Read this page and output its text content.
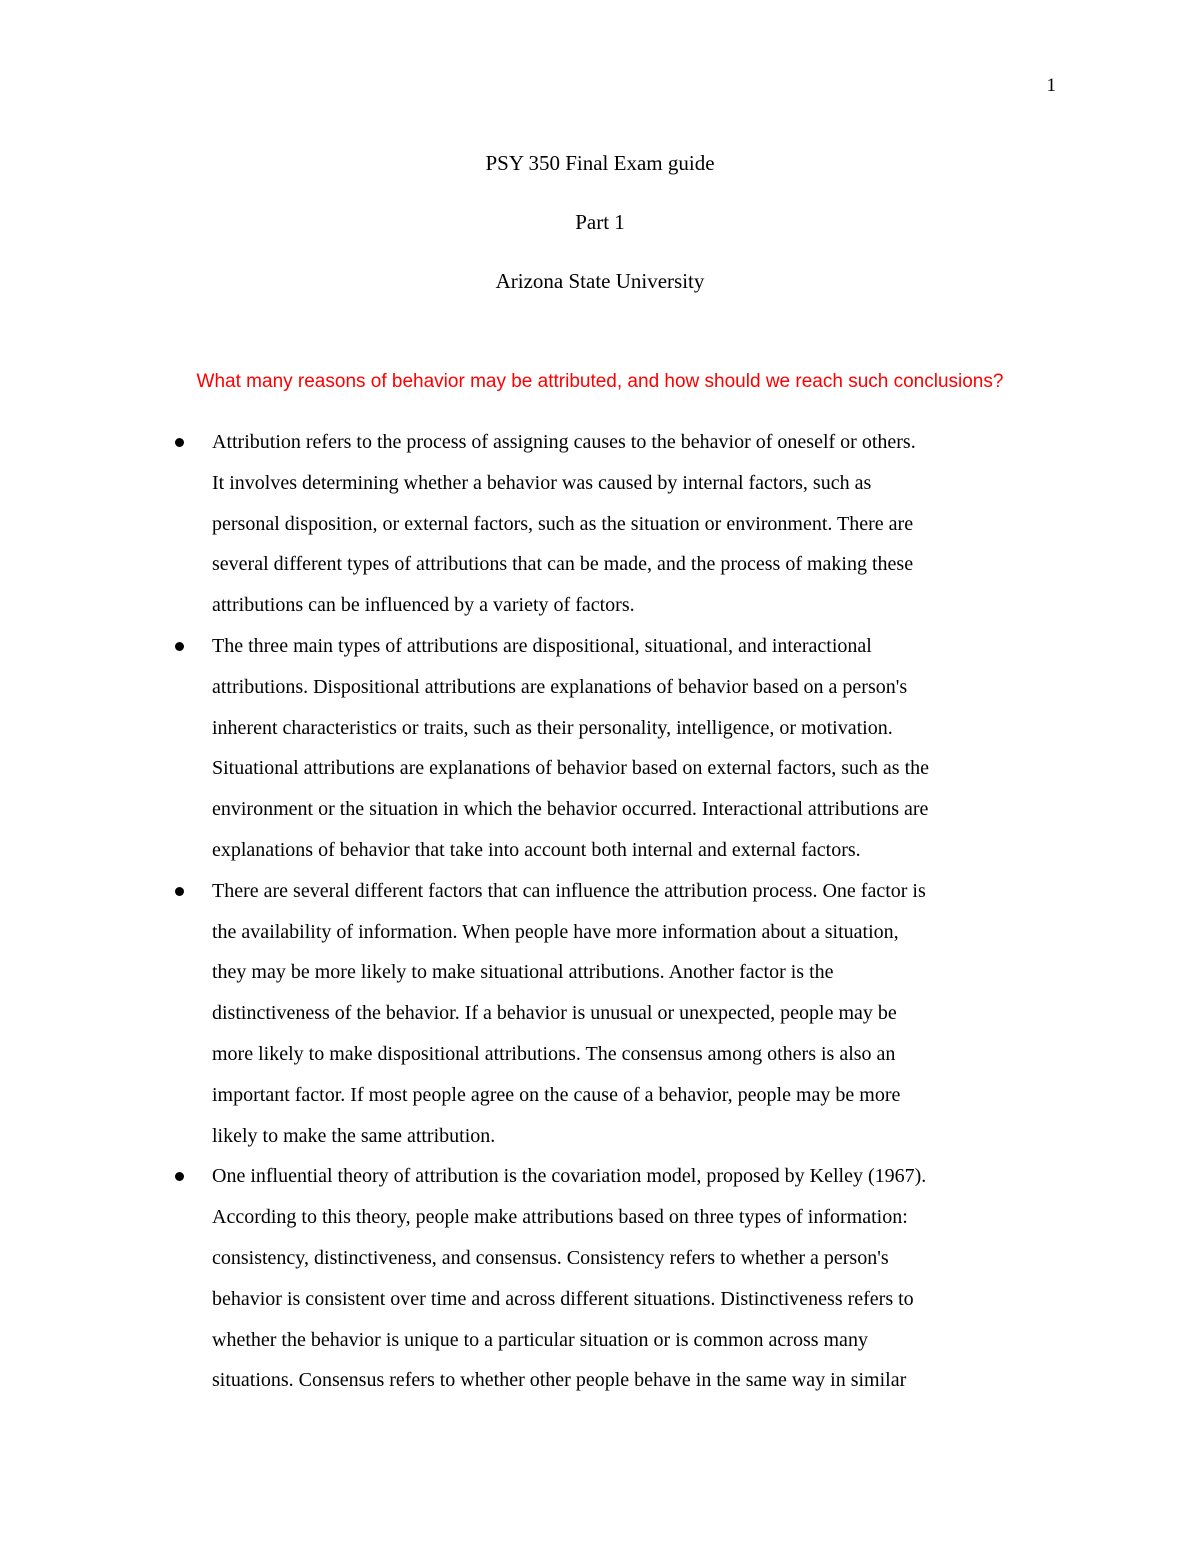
1
PSY 350 Final Exam guide
Part 1
Arizona State University
What many reasons of behavior may be attributed, and how should we reach such conclusions?
Attribution refers to the process of assigning causes to the behavior of oneself or others.
It involves determining whether a behavior was caused by internal factors, such as
personal disposition, or external factors, such as the situation or environment. There are
several different types of attributions that can be made, and the process of making these
attributions can be influenced by a variety of factors.
The three main types of attributions are dispositional, situational, and interactional
attributions. Dispositional attributions are explanations of behavior based on a person's
inherent characteristics or traits, such as their personality, intelligence, or motivation.
Situational attributions are explanations of behavior based on external factors, such as the
environment or the situation in which the behavior occurred. Interactional attributions are
explanations of behavior that take into account both internal and external factors.
There are several different factors that can influence the attribution process. One factor is
the availability of information. When people have more information about a situation,
they may be more likely to make situational attributions. Another factor is the
distinctiveness of the behavior. If a behavior is unusual or unexpected, people may be
more likely to make dispositional attributions. The consensus among others is also an
important factor. If most people agree on the cause of a behavior, people may be more
likely to make the same attribution.
One influential theory of attribution is the covariation model, proposed by Kelley (1967).
According to this theory, people make attributions based on three types of information:
consistency, distinctiveness, and consensus. Consistency refers to whether a person's
behavior is consistent over time and across different situations. Distinctiveness refers to
whether the behavior is unique to a particular situation or is common across many
situations. Consensus refers to whether other people behave in the same way in similar
